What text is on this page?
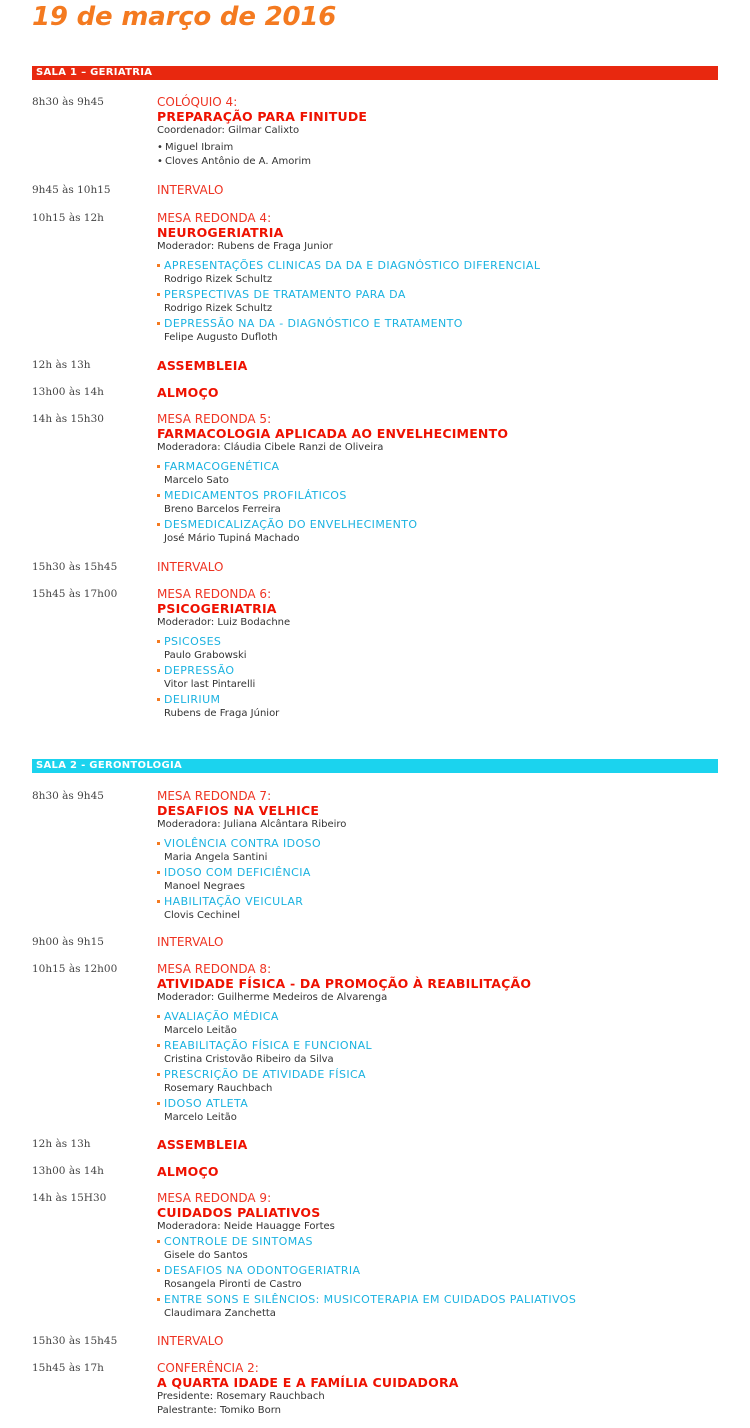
19 de março de 2016
SALA 1 – GERIATRIA
8h30 às 9h45	COLÓQUIO 4:
PREPARAÇÃO PARA FINITUDE
Coordenador: Gilmar Calixto
• Miguel Ibraim
• Cloves Antônio de A. Amorim
9h45 às 10h15	INTERVALO
10h15 às 12h	MESA REDONDA 4:
NEUROGERIATRIA
Moderador: Rubens de Fraga Junior
APRESENTAÇÕES CLINICAS DA DA E DIAGNÓSTICO DIFERENCIAL
Rodrigo Rizek Schultz
PERSPECTIVAS DE TRATAMENTO PARA DA
Rodrigo Rizek Schultz
DEPRESSÃO NA DA - DIAGNÓSTICO E TRATAMENTO
Felipe Augusto Dufloth
12h às 13h	ASSEMBLEIA
13h00 às 14h	ALMOÇO
14h às 15h30	MESA REDONDA 5:
FARMACOLOGIA APLICADA AO ENVELHECIMENTO
Moderadora: Cláudia Cibele Ranzi de Oliveira
FARMACOGENÉTICA
Marcelo Sato
MEDICAMENTOS PROFILÁTICOS
Breno Barcelos Ferreira
DESMEDICALIZAÇÃO DO ENVELHECIMENTO
José Mário Tupiná Machado
15h30 às 15h45	INTERVALO
15h45 às 17h00	MESA REDONDA 6:
PSICOGERIATRIA
Moderador: Luiz Bodachne
PSICOSES
Paulo Grabowski
DEPRESSÃO
Vitor last Pintarelli
DELIRIUM
Rubens de Fraga Júnior
SALA 2 - GERONTOLOGIA
8h30 às 9h45	MESA REDONDA 7:
DESAFIOS NA VELHICE
Moderadora: Juliana Alcântara Ribeiro
VIOLÊNCIA CONTRA IDOSO
Maria Angela Santini
IDOSO COM DEFICIÊNCIA
Manoel Negraes
HABILITAÇÃO VEICULAR
Clovis Cechinel
9h00 às 9h15	INTERVALO
10h15 às 12h00	MESA REDONDA 8:
ATIVIDADE FÍSICA - DA PROMOÇÃO À REABILITAÇÃO
Moderador: Guilherme Medeiros de Alvarenga
AVALIAÇÃO MÉDICA
Marcelo Leitão
REABILITAÇÃO FÍSICA E FUNCIONAL
Cristina Cristovão Ribeiro da Silva
PRESCRIÇÃO DE ATIVIDADE FÍSICA
Rosemary Rauchbach
IDOSO ATLETA
Marcelo Leitão
12h às 13h	ASSEMBLEIA
13h00 às 14h	ALMOÇO
14h às 15H30	MESA REDONDA 9:
CUIDADOS PALIATIVOS
Moderadora: Neide Hauagge Fortes
CONTROLE DE SINTOMAS
Gisele do Santos
DESAFIOS NA ODONTOGERIATRIA
Rosangela Pironti de Castro
ENTRE SONS E SILÊNCIOS: MUSICOTERAPIA EM CUIDADOS PALIATIVOS
Claudimara Zanchetta
15h30 às 15h45	INTERVALO
15h45 às 17h	CONFERÊNCIA 2:
A QUARTA IDADE E A FAMÍLIA CUIDADORA
Presidente: Rosemary Rauchbach
Palestrante: Tomiko Born
